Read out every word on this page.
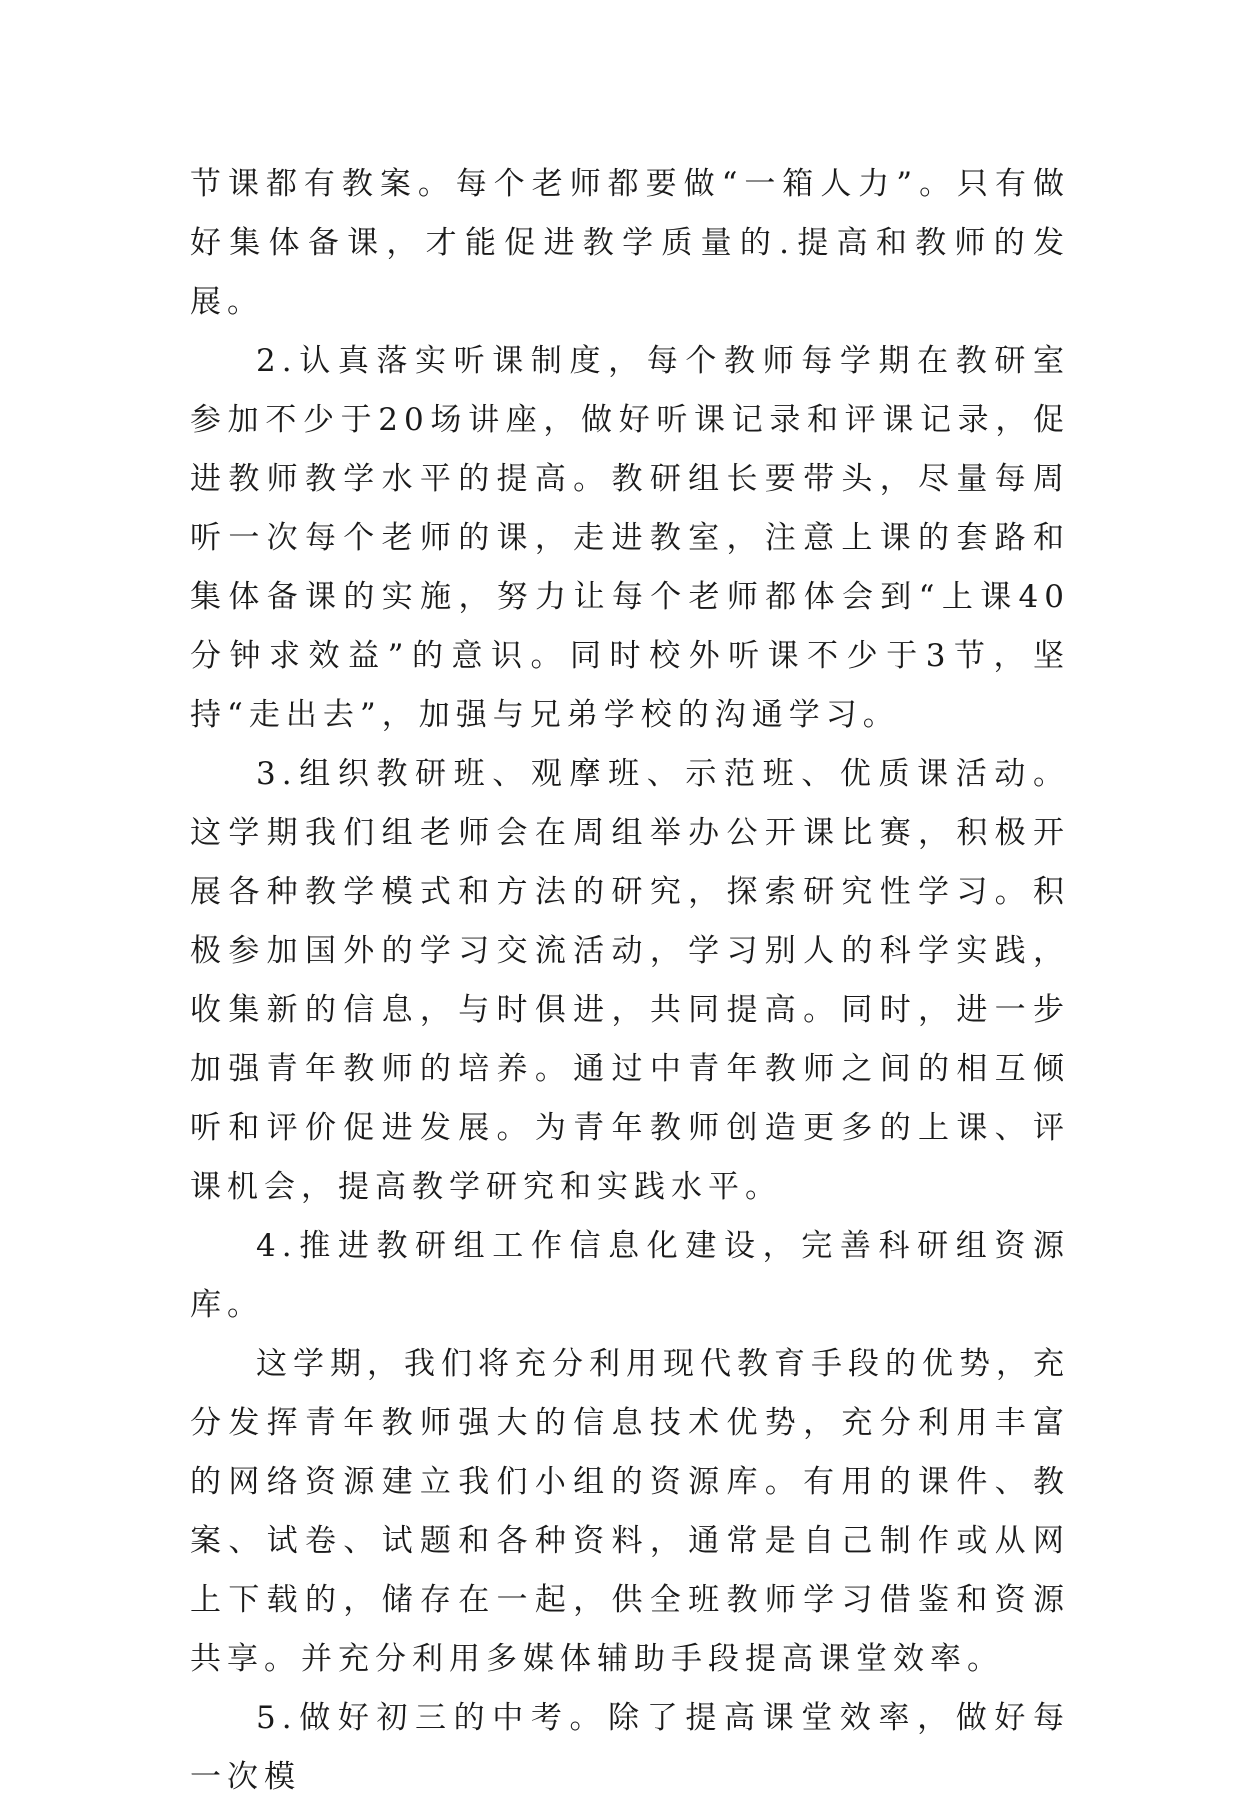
节课都有教案。每个老师都要做“一箱人力”。只有做好集体备课，才能促进教学质量的.提高和教师的发展。

2.认真落实听课制度，每个教师每学期在教研室参加不少于20场讲座，做好听课记录和评课记录，促进教师教学水平的提高。教研组长要带头，尽量每周听一次每个老师的课，走进教室，注意上课的套路和集体备课的实施，努力让每个老师都体会到“上课40分钟求效益”的意识。同时校外听课不少于3节，坚持“走出去”，加强与兄弟学校的沟通学习。

3.组织教研班、观摩班、示范班、优质课活动。这学期我们组老师会在周组举办公开课比赛，积极开展各种教学模式和方法的研究，探索研究性学习。积极参加国外的学习交流活动，学习别人的科学实践，收集新的信息，与时俱进，共同提高。同时，进一步加强青年教师的培养。通过中青年教师之间的相互倾听和评价促进发展。为青年教师创造更多的上课、评课机会，提高教学研究和实践水平。

4.推进教研组工作信息化建设，完善科研组资源库。

这学期，我们将充分利用现代教育手段的优势，充分发挥青年教师强大的信息技术优势，充分利用丰富的网络资源建立我们小组的资源库。有用的课件、教案、试卷、试题和各种资料，通常是自己制作或从网上下载的，储存在一起，供全班教师学习借鉴和资源共享。并充分利用多媒体辅助手段提高课堂效率。

5.做好初三的中考。除了提高课堂效率，做好每一次模
